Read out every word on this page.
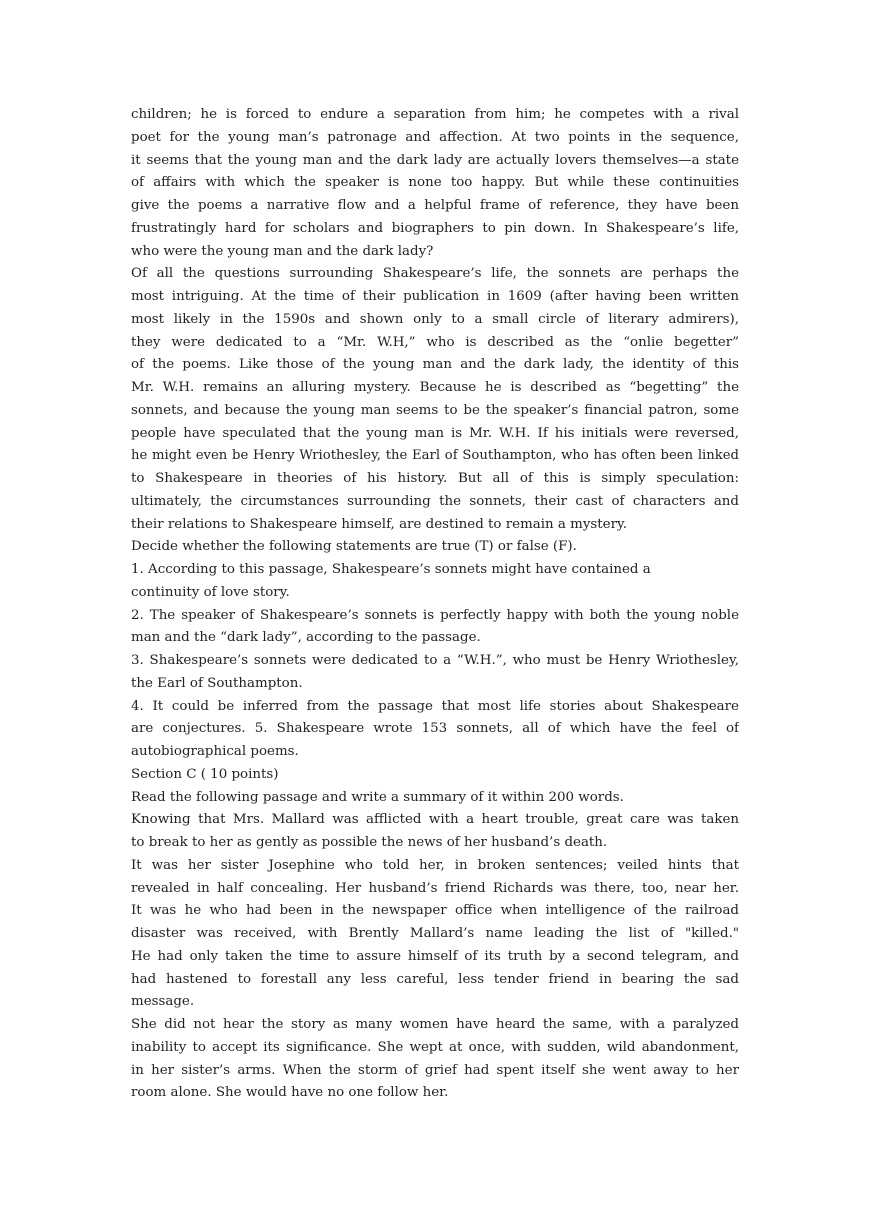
children; he is forced to endure a separation from him; he competes with a rival
poet for the young man’s patronage and affection. At two points in the sequence,
it seems that the young man and the dark lady are actually lovers themselves—a state
of affairs with which the speaker is none too happy. But while these continuities
give the poems a narrative flow and a helpful frame of reference, they have been
frustratingly hard for scholars and biographers to pin down. In Shakespeare’s life,
who were the young man and the dark lady?
Of all the questions surrounding Shakespeare’s life, the sonnets are perhaps the
most intriguing. At the time of their publication in 1609 (after having been written
most likely in the 1590s and shown only to a small circle of literary admirers),
they were dedicated to a “Mr. W.H,” who is described as the “onlie begetter”
of the poems. Like those of the young man and the dark lady, the identity of this
Mr. W.H. remains an alluring mystery. Because he is described as “begetting” the
sonnets, and because the young man seems to be the speaker’s financial patron, some
people have speculated that the young man is Mr. W.H. If his initials were reversed,
he might even be Henry Wriothesley, the Earl of Southampton, who has often been linked
to Shakespeare in theories of his history. But all of this is simply speculation:
ultimately, the circumstances surrounding the sonnets, their cast of characters and
their relations to Shakespeare himself, are destined to remain a mystery.
Decide whether the following statements are true (T) or false (F).
1. According to this passage, Shakespeare’s sonnets might have contained a
continuity of love story.
2. The speaker of Shakespeare’s sonnets is perfectly happy with both the young noble
man and the “dark lady”, according to the passage.
3. Shakespeare’s sonnets were dedicated to a “W.H.”, who must be Henry Wriothesley,
the Earl of Southampton.
4. It could be inferred from the passage that most life stories about Shakespeare
are conjectures. 5. Shakespeare wrote 153 sonnets, all of which have the feel of
autobiographical poems.
Section C ( 10 points)
Read the following passage and write a summary of it within 200 words.
Knowing that Mrs. Mallard was afflicted with a heart trouble, great care was taken
to break to her as gently as possible the news of her husband’s death.
It was her sister Josephine who told her, in broken sentences; veiled hints that
revealed in half concealing. Her husband’s friend Richards was there, too, near her.
It was he who had been in the newspaper office when intelligence of the railroad
disaster was received, with Brently Mallard’s name leading the list of "killed."
He had only taken the time to assure himself of its truth by a second telegram, and
had hastened to forestall any less careful, less tender friend in bearing the sad
message.
She did not hear the story as many women have heard the same, with a paralyzed
inability to accept its significance. She wept at once, with sudden, wild abandonment,
in her sister’s arms. When the storm of grief had spent itself she went away to her
room alone. She would have no one follow her.
